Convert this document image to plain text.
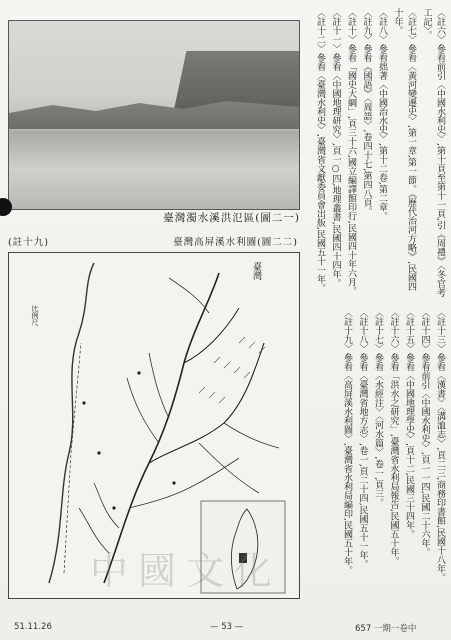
臺灣濁水溪洪氾區(圖二一)
(註十九)	臺灣高屏溪水利圖(圖二二)
臺灣
比例尺
中國文化
〈註六〉參看前引〈中國水利史〉,第十頁至第十一頁,引《周禮》〈冬官考工記〉。
〈註七〉參看〈黃河變遷史〉,第一章,第一節。《歷代治河方略》,民國四十年。
〈註八〉參看拙著〈中國治水史〉,第十二卷,第二章。
〈註九〉參看《國語》〈周語〉,卷四十七,第四八頁。
〈註十〉參看「國史大綱」,頁三十六,國立編譯館印行,民國四十年六月。
〈註十一〉參看〈中國地理研究〉,頁一○四,地理叢書,民國四十四年。
〈註十二〉參看〈臺灣水利史〉,臺灣省文獻委員會出版,民國五十一年。
〈註十三〉參看〈漢書〉〈溝洫志〉,頁二三,商務印書館,民國十八年。
〈註十四〉參看前引〈中國水利史〉,頁一一四,民國二十六年。
〈註十五〉參看〈中國地理學史〉,頁十二,民國三十四年。
〈註十六〉參看「洪水之研究」,臺灣省水利局報告,民國五十年。
〈註十七〉參看〈水經注〉〈河水篇〉,卷一,頁三。
〈註十八〉參看〈臺灣省地方志〉,卷一,頁二十四,民國五十一年。
〈註十九〉參看〈高屏溪水利圖〉,臺灣省水利局編印,民國五十年。
51.11.26	— 53 —	657 一期一卷中
